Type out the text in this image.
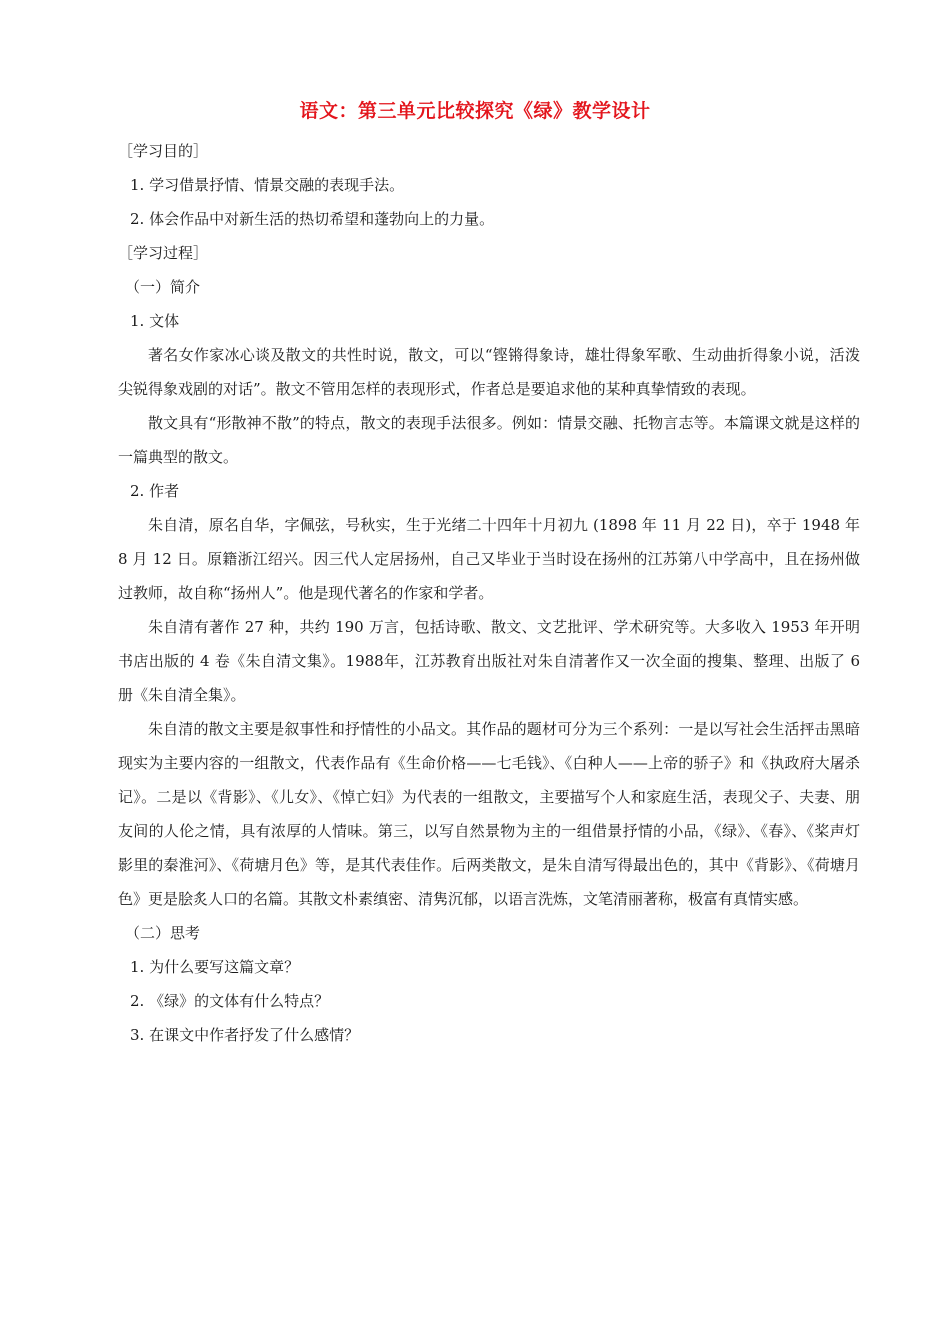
语文：第三单元比较探究《绿》教学设计
［学习目的］
1. 学习借景抒情、情景交融的表现手法。
2. 体会作品中对新生活的热切希望和蓬勃向上的力量。
［学习过程］
（一）简介
1. 文体
著名女作家冰心谈及散文的共性时说，散文，可以“铿锵得象诗，雄壮得象军歌、生动曲折得象小说，活泼尖锐得象戏剧的对话”。散文不管用怎样的表现形式，作者总是要追求他的某种真挚情致的表现。
散文具有“形散神不散”的特点，散文的表现手法很多。例如：情景交融、托物言志等。本篇课文就是这样的一篇典型的散文。
2. 作者
朱自清，原名自华，字佩弦，号秋实，生于光绪二十四年十月初九 (1898 年 11 月 22 日)，卒于 1948 年 8 月 12 日。原籍浙江绍兴。因三代人定居扬州，自己又毕业于当时设在扬州的江苏第八中学高中，且在扬州做过教师，故自称“扬州人”。他是现代著名的作家和学者。
朱自清有著作 27 种，共约 190 万言，包括诗歌、散文、文艺批评、学术研究等。大多收入 1953 年开明书店出版的 4 卷《朱自清文集》。1988年，江苏教育出版社对朱自清著作又一次全面的搜集、整理、出版了 6 册《朱自清全集》。
朱自清的散文主要是叙事性和抒情性的小品文。其作品的题材可分为三个系列：一是以写社会生活抨击黑暗现实为主要内容的一组散文，代表作品有《生命价格——七毛钱》、《白种人——上帝的骄子》和《执政府大屠杀记》。二是以《背影》、《儿女》、《悼亡妇》为代表的一组散文，主要描写个人和家庭生活，表现父子、夫妻、朋友间的人伦之情，具有浓厚的人情味。第三，以写自然景物为主的一组借景抒情的小品，《绿》、《春》、《桨声灯影里的秦淮河》、《荷塘月色》等，是其代表佳作。后两类散文，是朱自清写得最出色的，其中《背影》、《荷塘月色》更是脍炙人口的名篇。其散文朴素缜密、清隽沉郁，以语言洗炼，文笔清丽著称，极富有真情实感。
（二）思考
1. 为什么要写这篇文章？
2. 《绿》的文体有什么特点？
3. 在课文中作者抒发了什么感情？
